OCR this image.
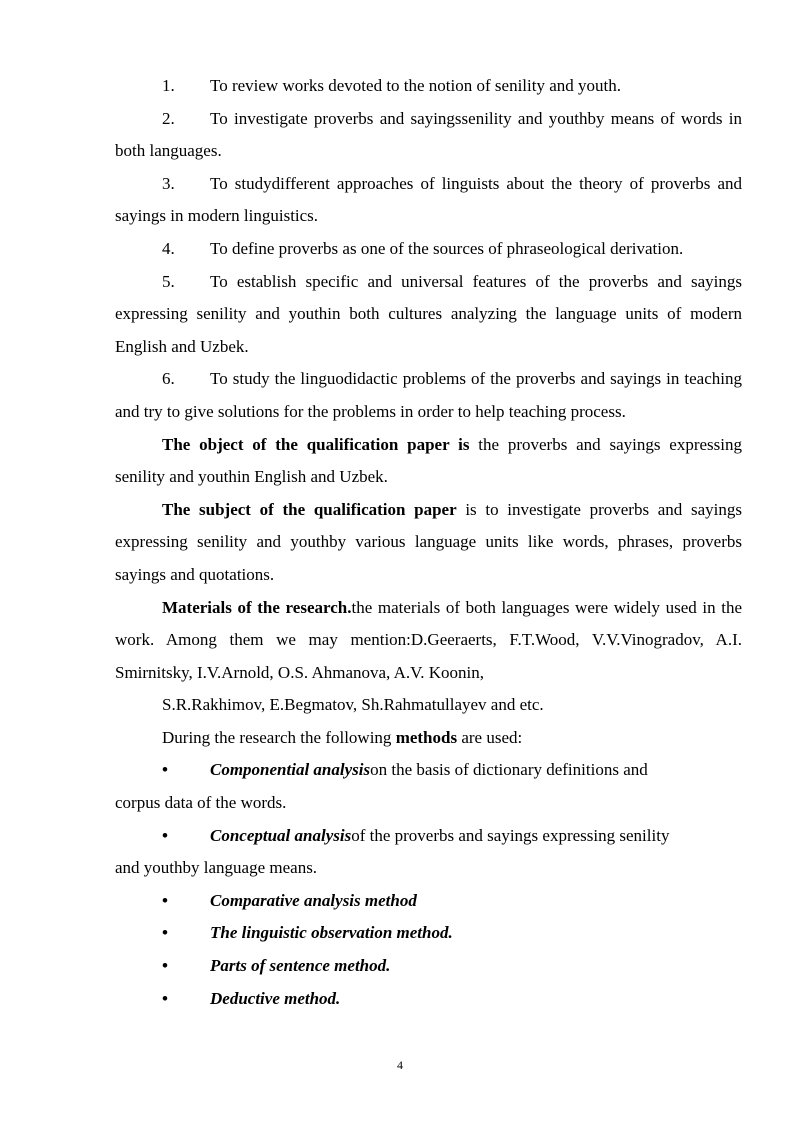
1. To review works devoted to the notion of senility and youth.

2. To investigate proverbs and sayingssenility and youthby means of words in both languages.

3. To studydifferent approaches of linguists about the theory of proverbs and sayings in modern linguistics.

4. To define proverbs as one of the sources of phraseological derivation.

5. To establish specific and universal features of the proverbs and sayings expressing senility and youthin both cultures analyzing the language units of modern English and Uzbek.

6. To study the linguodidactic problems of the proverbs and sayings in teaching and try to give solutions for the problems in order to help teaching process.

The object of the qualification paper is the proverbs and sayings expressing senility and youthin English and Uzbek.

The subject of the qualification paper is to investigate proverbs and sayings expressing senility and youthby various language units like words, phrases, proverbs sayings and quotations.

Materials of the research.the materials of both languages were widely used in the work. Among them we may mention:D.Geeraerts, F.T.Wood, V.V.Vinogradov, A.I. Smirnitsky, I.V.Arnold, O.S. Ahmanova, A.V. Koonin,

S.R.Rakhimov, E.Begmatov, Sh.Rahmatullayev and etc.

During the research the following methods are used:

• Componential analysison the basis of dictionary definitions and

corpus data of the words.

• Conceptual analysisof the proverbs and sayings expressing senility

and youthby language means.

• Comparative analysis method

• The linguistic observation method.

• Parts of sentence method.

• Deductive method.

4
